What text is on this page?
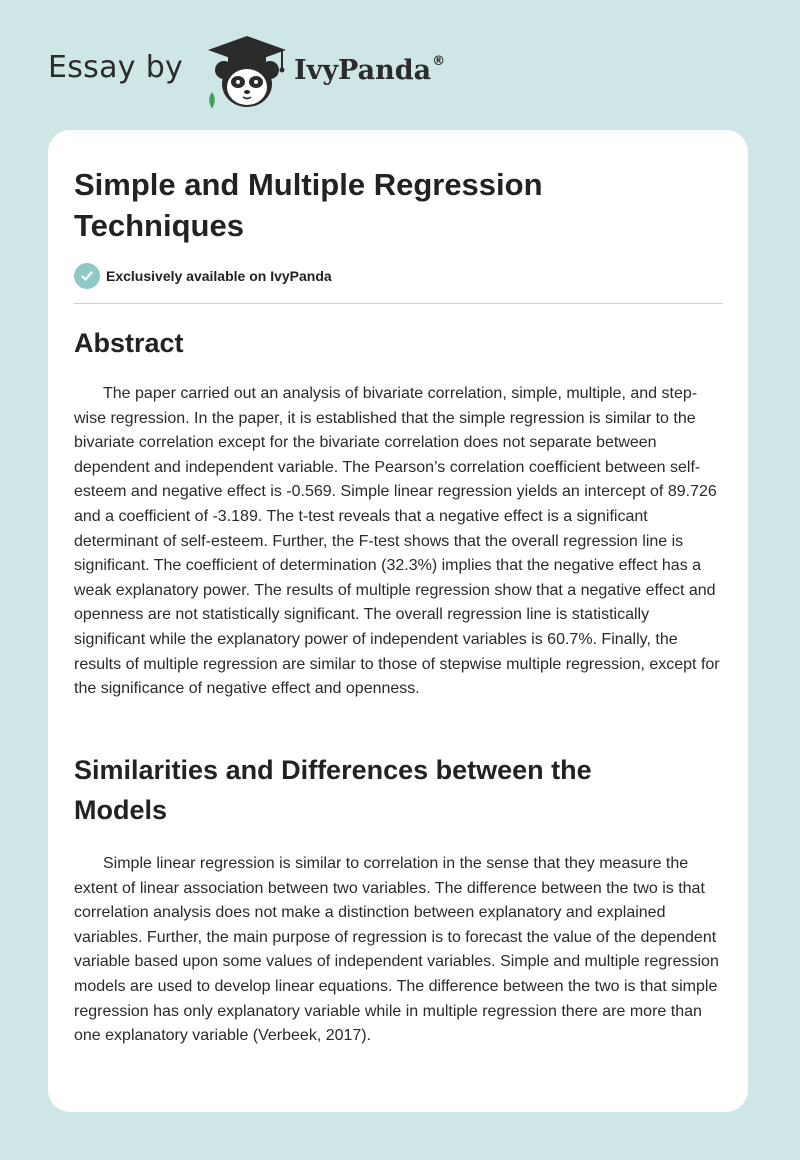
Essay by	IvyPanda®
Simple and Multiple Regression Techniques
Exclusively available on IvyPanda
Abstract

The paper carried out an analysis of bivariate correlation, simple, multiple, and step-wise regression. In the paper, it is established that the simple regression is similar to the bivariate correlation except for the bivariate correlation does not separate between dependent and independent variable. The Pearson’s correlation coefficient between self-esteem and negative effect is -0.569. Simple linear regression yields an intercept of 89.726 and a coefficient of -3.189. The t-test reveals that a negative effect is a significant determinant of self-esteem. Further, the F-test shows that the overall regression line is significant. The coefficient of determination (32.3%) implies that the negative effect has a weak explanatory power. The results of multiple regression show that a negative effect and openness are not statistically significant. The overall regression line is statistically significant while the explanatory power of independent variables is 60.7%. Finally, the results of multiple regression are similar to those of stepwise multiple regression, except for the significance of negative effect and openness.

Similarities and Differences between the Models

Simple linear regression is similar to correlation in the sense that they measure the extent of linear association between two variables. The difference between the two is that correlation analysis does not make a distinction between explanatory and explained variables. Further, the main purpose of regression is to forecast the value of the dependent variable based upon some values of independent variables. Simple and multiple regression models are used to develop linear equations. The difference between the two is that simple regression has only explanatory variable while in multiple regression there are more than one explanatory variable (Verbeek, 2017).
